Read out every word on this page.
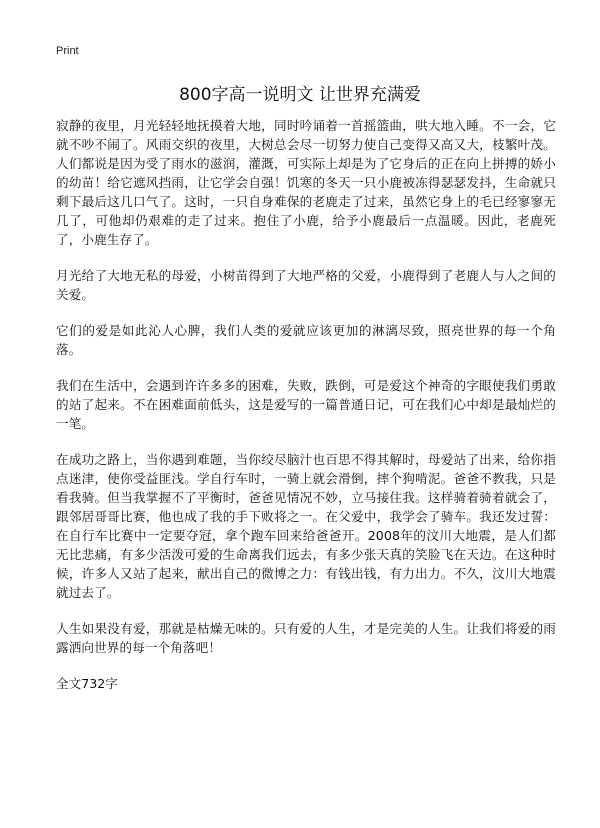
Print
800字高一说明文 让世界充满爱

寂静的夜里，月光轻轻地抚摸着大地，同时吟诵着一首摇篮曲，哄大地入睡。不一会，它就不吵不闹了。风雨交织的夜里，大树总会尽一切努力使自己变得又高又大，枝繁叶茂。人们都说是因为受了雨水的滋润，灌溉，可实际上却是为了它身后的正在向上拼搏的娇小的幼苗！给它遮风挡雨，让它学会自强！饥寒的冬天一只小鹿被冻得瑟瑟发抖，生命就只剩下最后这几口气了。这时，一只自身难保的老鹿走了过来，虽然它身上的毛已经寥寥无几了，可他却仍艰难的走了过来。抱住了小鹿，给予小鹿最后一点温暖。因此，老鹿死了，小鹿生存了。

月光给了大地无私的母爱，小树苗得到了大地严格的父爱，小鹿得到了老鹿人与人之间的关爱。

它们的爱是如此沁人心脾，我们人类的爱就应该更加的淋漓尽致，照亮世界的每一个角落。

我们在生活中，会遇到许许多多的困难，失败，跌倒，可是爱这个神奇的字眼使我们勇敢的站了起来。不在困难面前低头，这是爱写的一篇普通日记，可在我们心中却是最灿烂的一笔。

在成功之路上，当你遇到难题，当你绞尽脑汁也百思不得其解时，母爱站了出来，给你指点迷津，使你受益匪浅。学自行车时，一骑上就会滑倒，摔个狗啃泥。爸爸不教我，只是看我骑。但当我掌握不了平衡时，爸爸见情况不妙，立马接住我。这样骑着骑着就会了，跟邻居哥哥比赛，他也成了我的手下败将之一。在父爱中，我学会了骑车。我还发过誓：在自行车比赛中一定要夺冠，拿个跑车回来给爸爸开。2008年的汶川大地震，是人们都无比悲痛，有多少活泼可爱的生命离我们远去，有多少张天真的笑脸飞在天边。在这种时候，许多人又站了起来，献出自己的微博之力：有钱出钱，有力出力。不久，汶川大地震就过去了。

人生如果没有爱，那就是枯燥无味的。只有爱的人生，才是完美的人生。让我们将爱的雨露洒向世界的每一个角落吧！

全文732字
